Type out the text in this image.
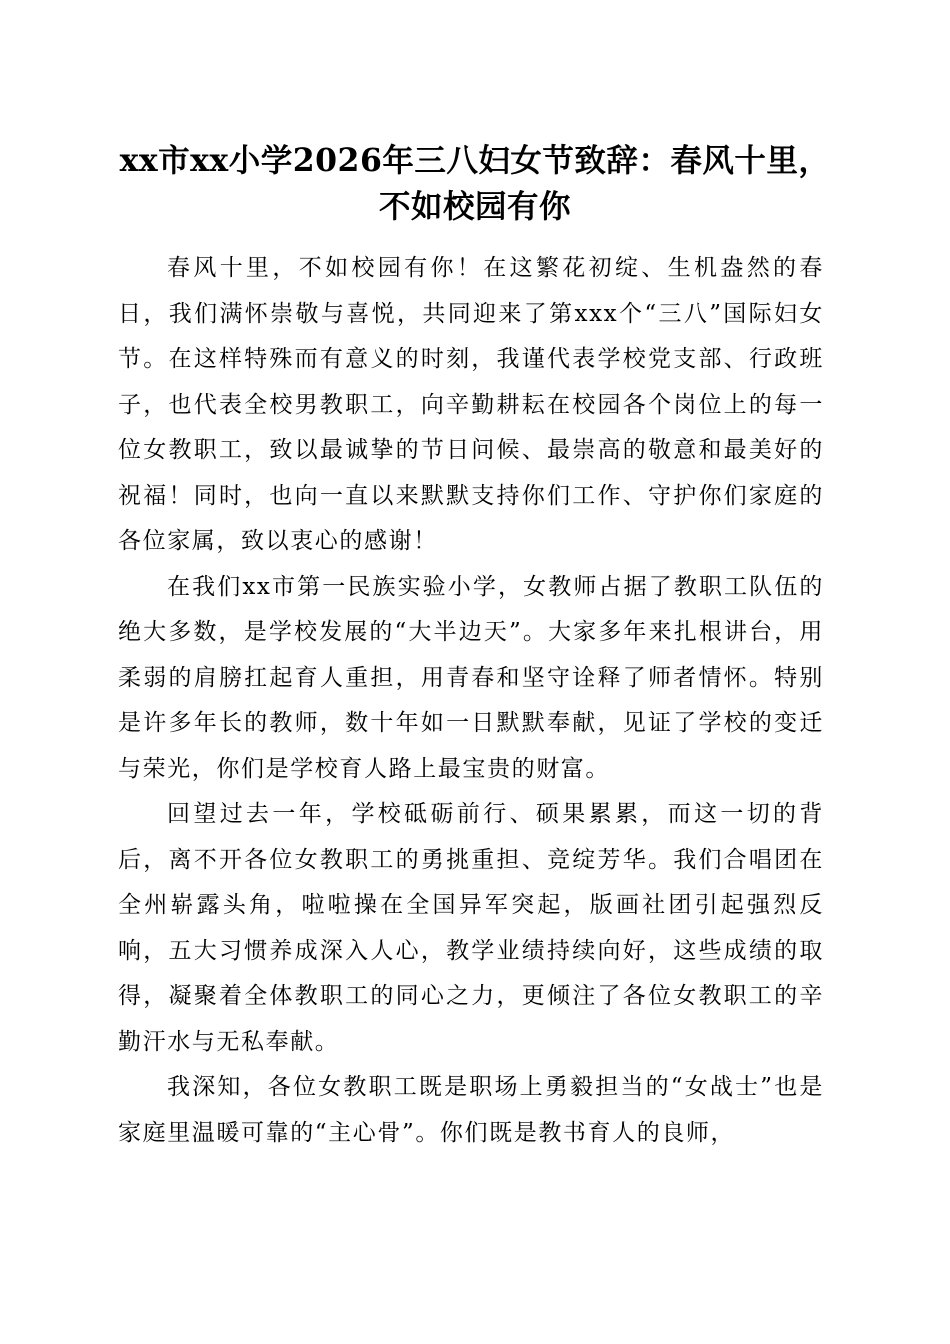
xx市xx小学2026年三八妇女节致辞：春风十里，不如校园有你

春风十里，不如校园有你！在这繁花初绽、生机盎然的春日，我们满怀崇敬与喜悦，共同迎来了第xxx个“三八”国际妇女节。在这样特殊而有意义的时刻，我谨代表学校党支部、行政班子，也代表全校男教职工，向辛勤耕耘在校园各个岗位上的每一位女教职工，致以最诚挚的节日问候、最崇高的敬意和最美好的祝福！同时，也向一直以来默默支持你们工作、守护你们家庭的各位家属，致以衷心的感谢！

在我们xx市第一民族实验小学，女教师占据了教职工队伍的绝大多数，是学校发展的“大半边天”。大家多年来扎根讲台，用柔弱的肩膀扛起育人重担，用青春和坚守诠释了师者情怀。特别是许多年长的教师，数十年如一日默默奉献，见证了学校的变迁与荣光，你们是学校育人路上最宝贵的财富。

回望过去一年，学校砥砺前行、硕果累累，而这一切的背后，离不开各位女教职工的勇挑重担、竞绽芳华。我们合唱团在全州崭露头角，啦啦操在全国异军突起，版画社团引起强烈反响，五大习惯养成深入人心，教学业绩持续向好，这些成绩的取得，凝聚着全体教职工的同心之力，更倾注了各位女教职工的辛勤汗水与无私奉献。

我深知，各位女教职工既是职场上勇毅担当的“女战士”也是家庭里温暖可靠的“主心骨”。你们既是教书育人的良师，
